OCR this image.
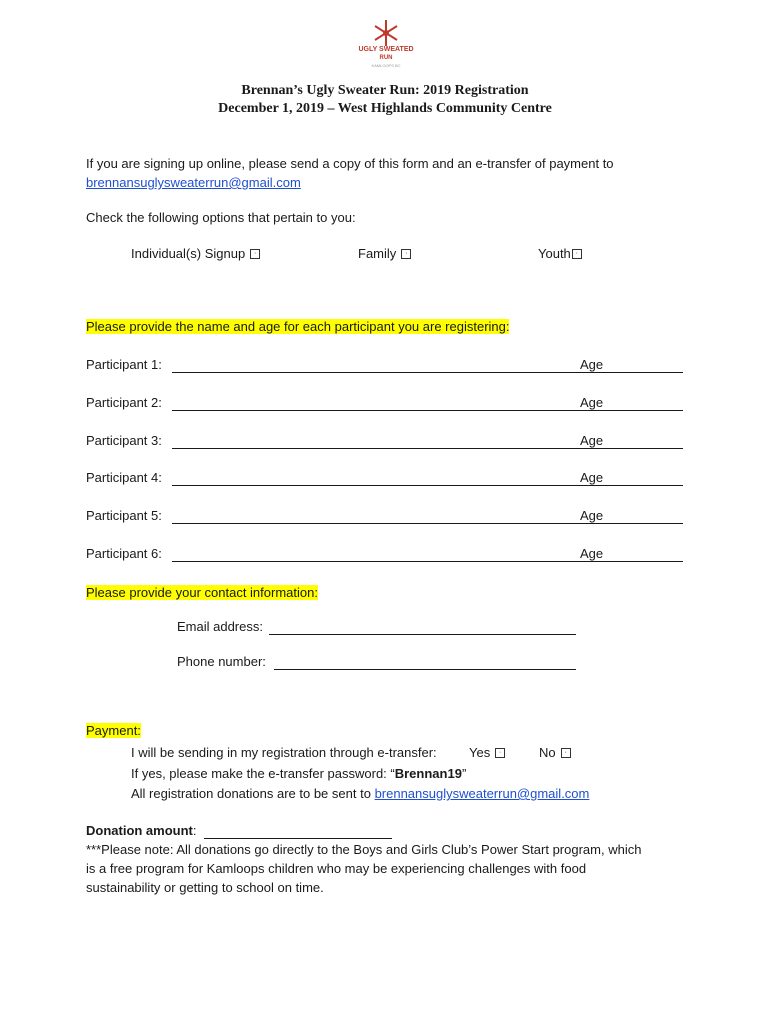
UGLY SWEATED
RUN
KAMLOOPS BC
Brennan’s Ugly Sweater Run: 2019 Registration
December 1, 2019 – West Highlands Community Centre
If you are signing up online, please send a copy of this form and an e-transfer of payment to
brennansuglysweaterrun@gmail.com
Check the following options that pertain to you:
Individual(s) Signup ·	Family ·	Youth ·
Please provide the name and age for each participant you are registering:
Participant 1:	Age
Participant 2:	Age
Participant 3:	Age
Participant 4:	Age
Participant 5:	Age
Participant 6:	Age
Please provide your contact information:
Email address:
Phone number:
Payment:
I will be sending in my registration through e-transfer: Yes ·	No ·
If yes, please make the e-transfer password: “Brennan19”
All registration donations are to be sent to brennansuglysweaterrun@gmail.com
Donation amount:
***Please note: All donations go directly to the Boys and Girls Club’s Power Start program, which
is a free program for Kamloops children who may be experiencing challenges with food
sustainability or getting to school on time.
